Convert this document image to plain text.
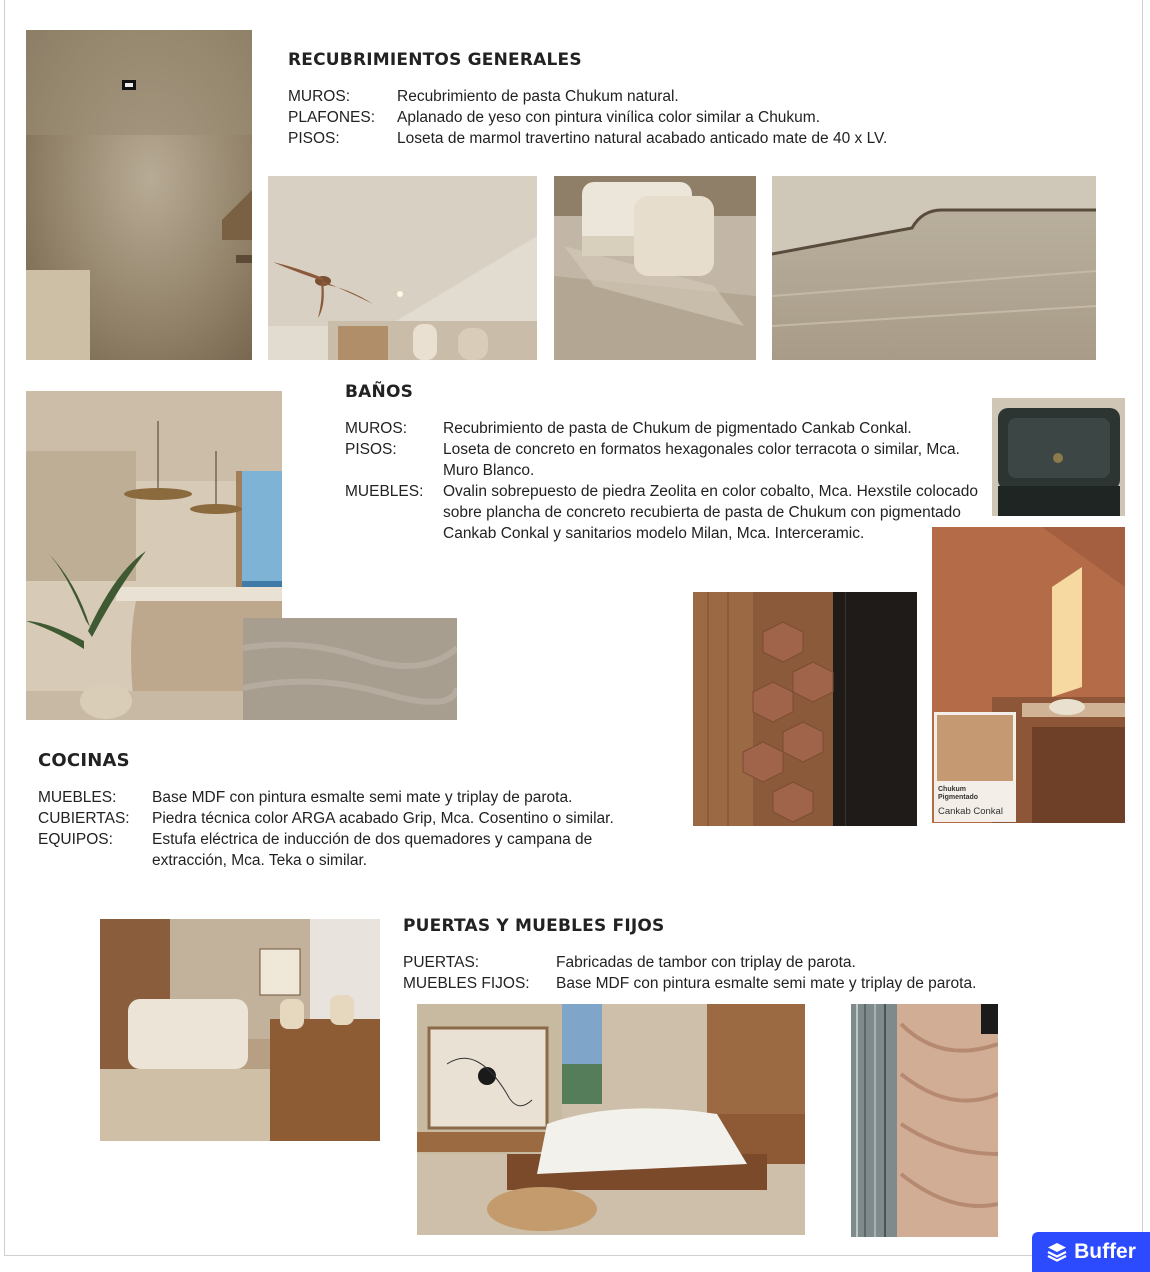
RECUBRIMIENTOS GENERALES
MUROS:	Recubrimiento de pasta Chukum natural.
PLAFONES:	Aplanado de yeso con pintura vinílica color similar a Chukum.
PISOS:	Loseta de marmol travertino natural acabado anticado mate de 40 x LV.
BAÑOS
MUROS:	Recubrimiento de pasta de Chukum de pigmentado Cankab Conkal.
PISOS:	Loseta de concreto en formatos hexagonales color terracota o similar, Mca. Muro Blanco.
MUEBLES:	Ovalin sobrepuesto de piedra Zeolita en color cobalto, Mca. Hexstile colocado sobre plancha de concreto recubierta de pasta de Chukum con pigmentado Cankab Conkal y sanitarios modelo Milan, Mca. Interceramic.
Chukum Pigmentado
Cankab Conkal
COCINAS
MUEBLES:	Base MDF con pintura esmalte semi mate y triplay de parota.
CUBIERTAS:	Piedra técnica color ARGA acabado Grip, Mca. Cosentino o similar.
EQUIPOS:	Estufa eléctrica de inducción de dos quemadores y campana de extracción, Mca. Teka o similar.
PUERTAS Y MUEBLES FIJOS
PUERTAS:	Fabricadas de tambor con triplay de parota.
MUEBLES FIJOS:	Base MDF con pintura esmalte semi mate y triplay de parota.
Buffer
